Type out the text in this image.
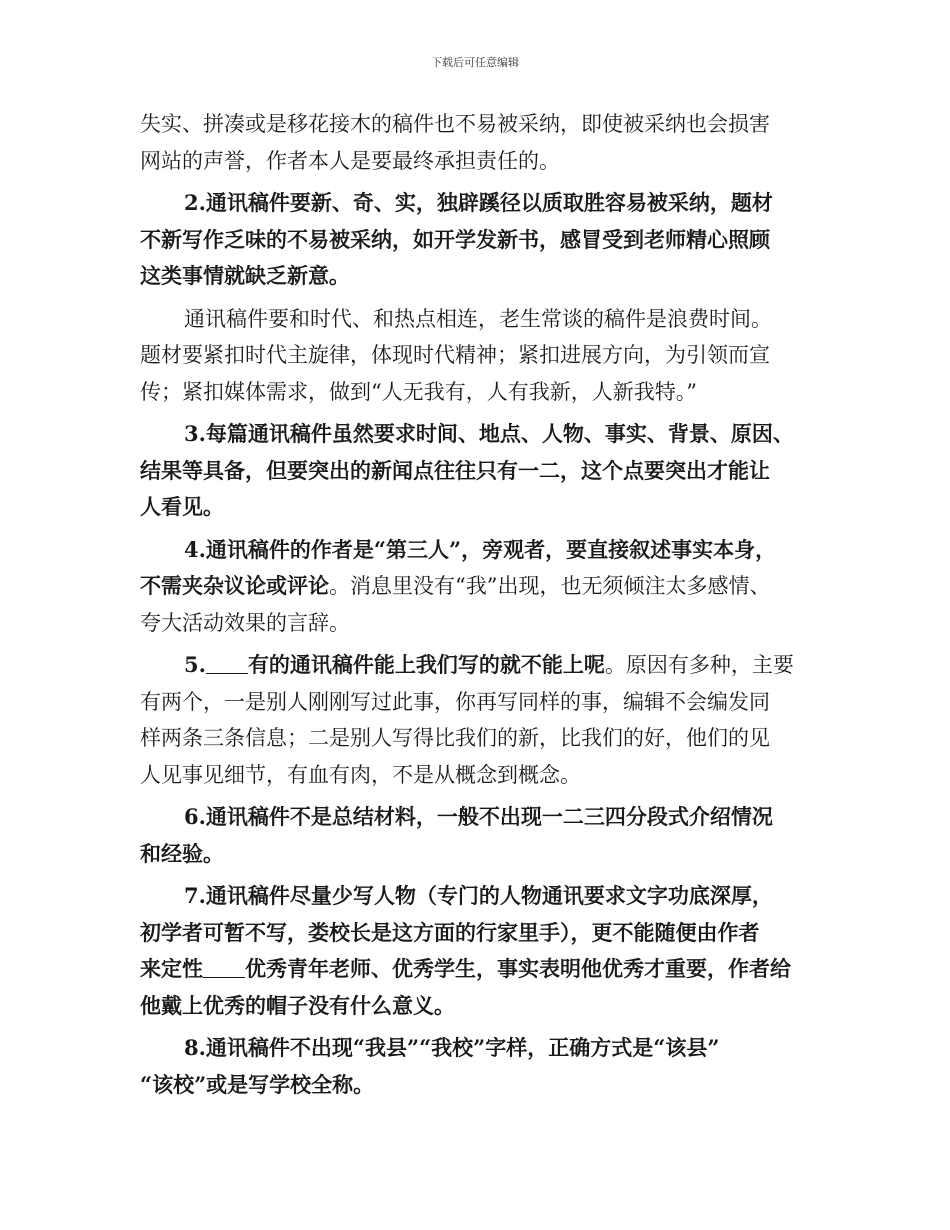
下载后可任意编辑
失实、拼凑或是移花接木的稿件也不易被采纳，即使被采纳也会损害
网站的声誉，作者本人是要最终承担责任的。
2.通讯稿件要新、奇、实，独辟蹊径以质取胜容易被采纳，题材
不新写作乏味的不易被采纳，如开学发新书，感冒受到老师精心照顾
这类事情就缺乏新意。
通讯稿件要和时代、和热点相连，老生常谈的稿件是浪费时间。
题材要紧扣时代主旋律，体现时代精神；紧扣进展方向，为引领而宣
传；紧扣媒体需求，做到“人无我有，人有我新，人新我特。”
3.每篇通讯稿件虽然要求时间、地点、人物、事实、背景、原因、
结果等具备，但要突出的新闻点往往只有一二，这个点要突出才能让
人看见。
4.通讯稿件的作者是“第三人”，旁观者，要直接叙述事实本身，
不需夹杂议论或评论。消息里没有“我”出现，也无须倾注太多感情、
夸大活动效果的言辞。
5. 有的通讯稿件能上我们写的就不能上呢。原因有多种，主要
有两个，一是别人刚刚写过此事，你再写同样的事，编辑不会编发同
样两条三条信息；二是别人写得比我们的新，比我们的好，他们的见
人见事见细节，有血有肉，不是从概念到概念。
6.通讯稿件不是总结材料，一般不出现一二三四分段式介绍情况
和经验。
7.通讯稿件尽量少写人物（专门的人物通讯要求文字功底深厚，
初学者可暂不写，娄校长是这方面的行家里手），更不能随便由作者
来定性 优秀青年老师、优秀学生，事实表明他优秀才重要，作者给
他戴上优秀的帽子没有什么意义。
8.通讯稿件不出现“我县”“我校”字样，正确方式是“该县”
“该校”或是写学校全称。
